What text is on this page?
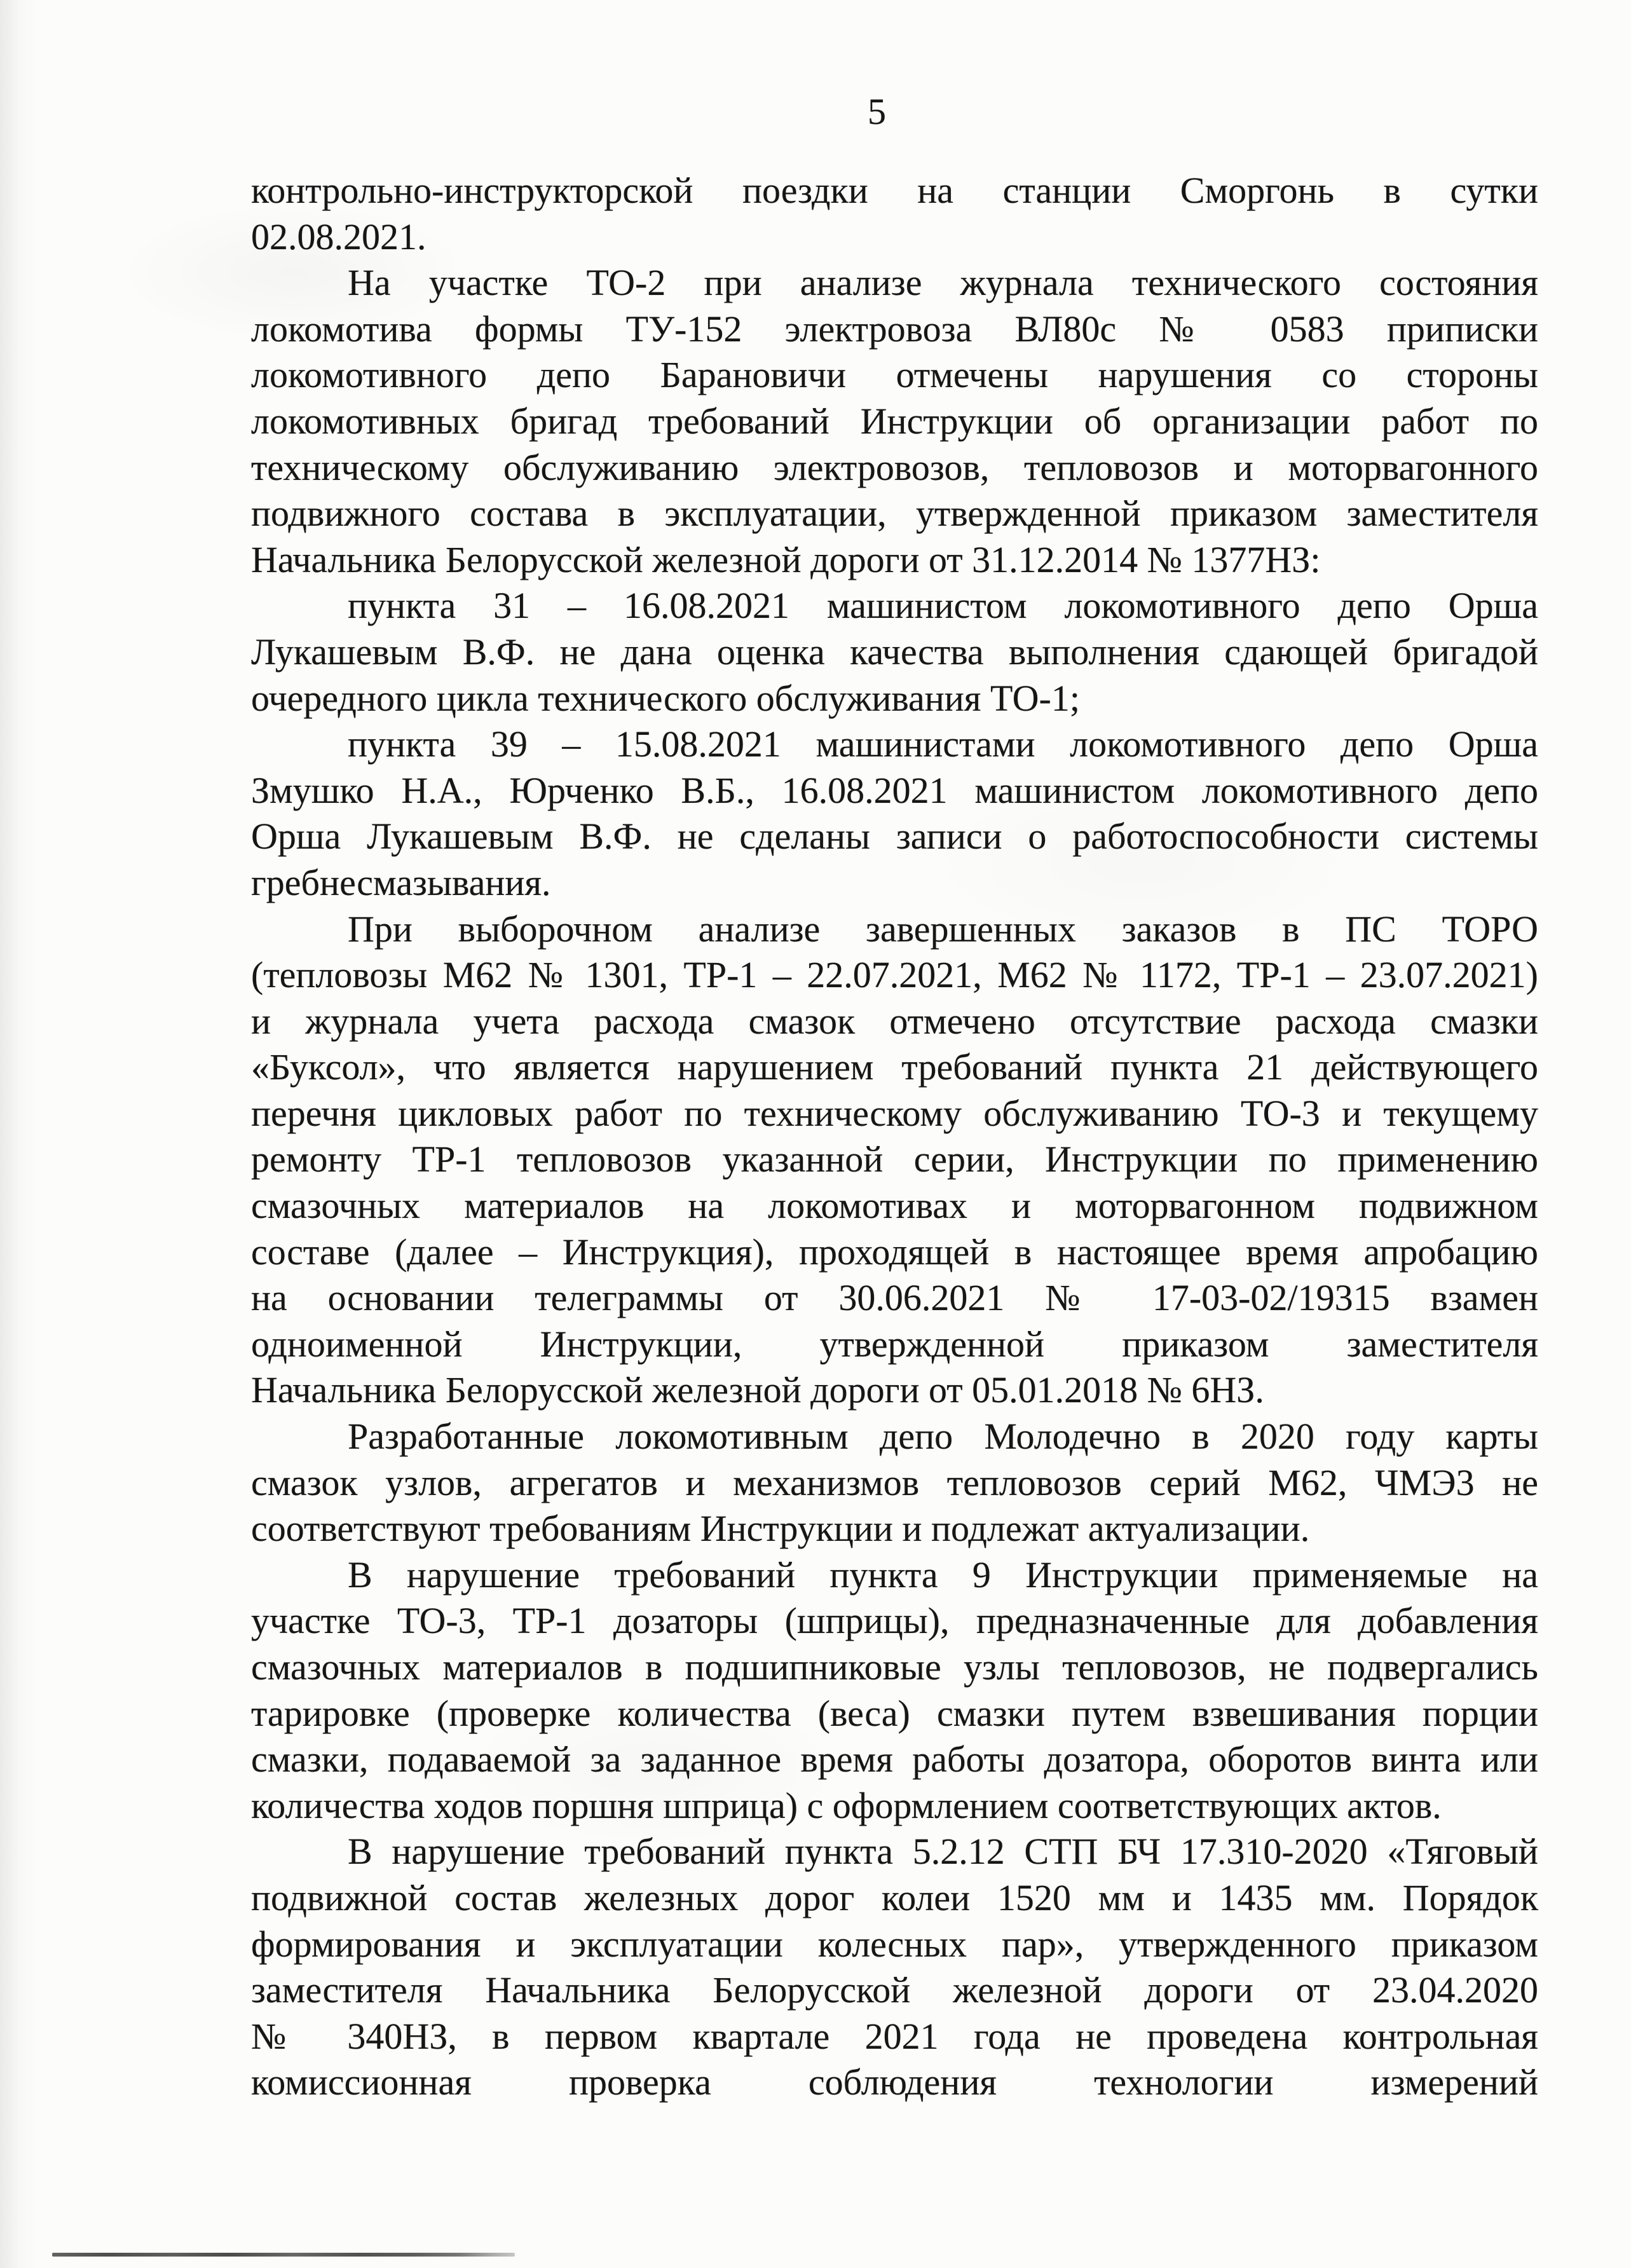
5
контрольно-инструкторской поездки на станции Сморгонь в сутки
02.08.2021.
На участке ТО-2 при анализе журнала технического состояния
локомотива формы ТУ-152 электровоза ВЛ80с № 0583 приписки
локомотивного депо Барановичи отмечены нарушения со стороны
локомотивных бригад требований Инструкции об организации работ по
техническому обслуживанию электровозов, тепловозов и моторвагонного
подвижного состава в эксплуатации, утвержденной приказом заместителя
Начальника Белорусской железной дороги от 31.12.2014 № 1377НЗ:
пункта 31 – 16.08.2021 машинистом локомотивного депо Орша
Лукашевым В.Ф. не дана оценка качества выполнения сдающей бригадой
очередного цикла технического обслуживания ТО-1;
пункта 39 – 15.08.2021 машинистами локомотивного депо Орша
Змушко Н.А., Юрченко В.Б., 16.08.2021 машинистом локомотивного депо
Орша Лукашевым В.Ф. не сделаны записи о работоспособности системы
гребнесмазывания.
При выборочном анализе завершенных заказов в ПС ТОРО
(тепловозы М62 № 1301, ТР-1 – 22.07.2021, М62 № 1172, ТР-1 – 23.07.2021)
и журнала учета расхода смазок отмечено отсутствие расхода смазки
«Буксол», что является нарушением требований пункта 21 действующего
перечня цикловых работ по техническому обслуживанию ТО-3 и текущему
ремонту ТР-1 тепловозов указанной серии, Инструкции по применению
смазочных материалов на локомотивах и моторвагонном подвижном
составе (далее – Инструкция), проходящей в настоящее время апробацию
на основании телеграммы от 30.06.2021 № 17-03-02/19315 взамен
одноименной Инструкции, утвержденной приказом заместителя
Начальника Белорусской железной дороги от 05.01.2018 № 6НЗ.
Разработанные локомотивным депо Молодечно в 2020 году карты
смазок узлов, агрегатов и механизмов тепловозов серий М62, ЧМЭ3 не
соответствуют требованиям Инструкции и подлежат актуализации.
В нарушение требований пункта 9 Инструкции применяемые на
участке ТО-3, ТР-1 дозаторы (шприцы), предназначенные для добавления
смазочных материалов в подшипниковые узлы тепловозов, не подвергались
тарировке (проверке количества (веса) смазки путем взвешивания порции
смазки, подаваемой за заданное время работы дозатора, оборотов винта или
количества ходов поршня шприца) с оформлением соответствующих актов.
В нарушение требований пункта 5.2.12 СТП БЧ 17.310-2020 «Тяговый
подвижной состав железных дорог колеи 1520 мм и 1435 мм. Порядок
формирования и эксплуатации колесных пар», утвержденного приказом
заместителя Начальника Белорусской железной дороги от 23.04.2020
№ 340НЗ, в первом квартале 2021 года не проведена контрольная
комиссионная проверка соблюдения технологии измерений
